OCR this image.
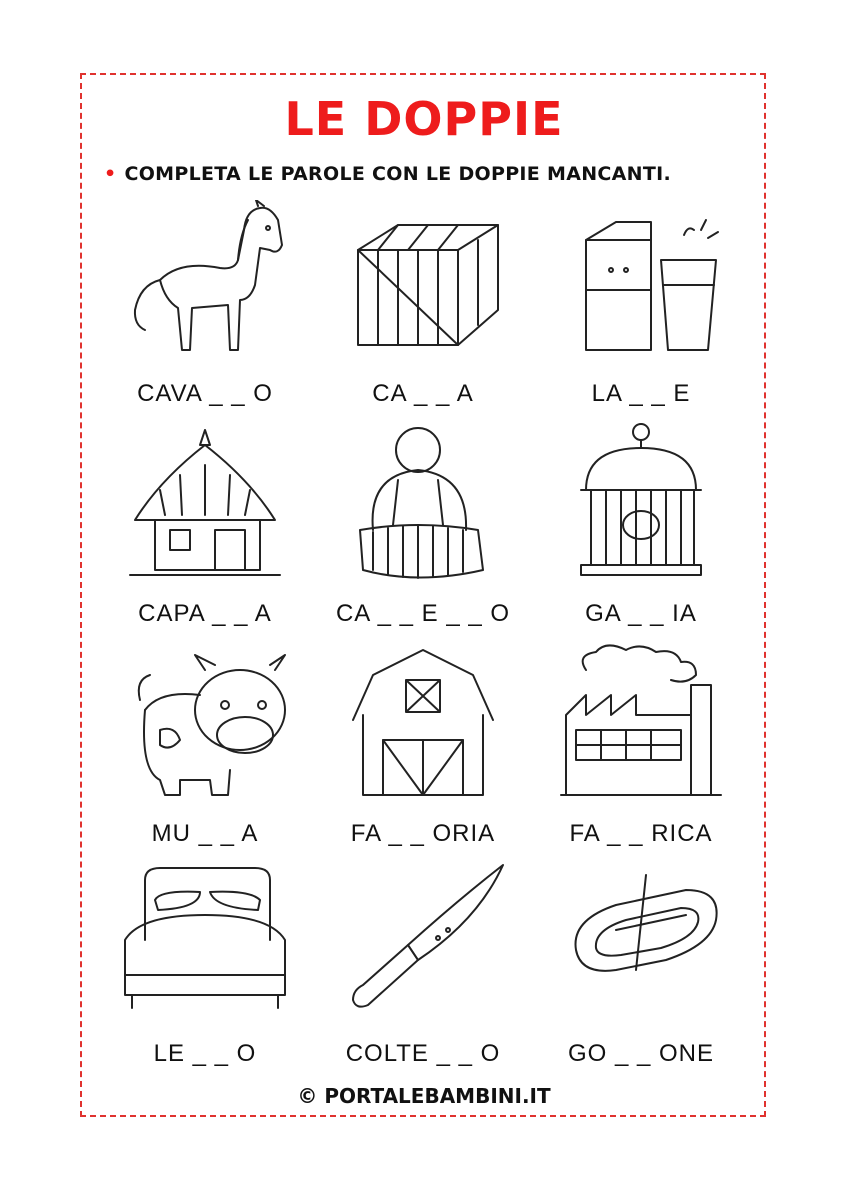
LE DOPPIE
• COMPLETA LE PAROLE CON LE DOPPIE MANCANTI.
CAVA _ _ O	CA _ _ A	LA _ _ E
CAPA _ _ A	CA _ _ E _ _ O	GA _ _ IA
MU _ _ A	FA _ _ ORIA	FA _ _ RICA
LE _ _ O	COLTE _ _ O	GO _ _ ONE
© PORTALEBAMBINI.IT
